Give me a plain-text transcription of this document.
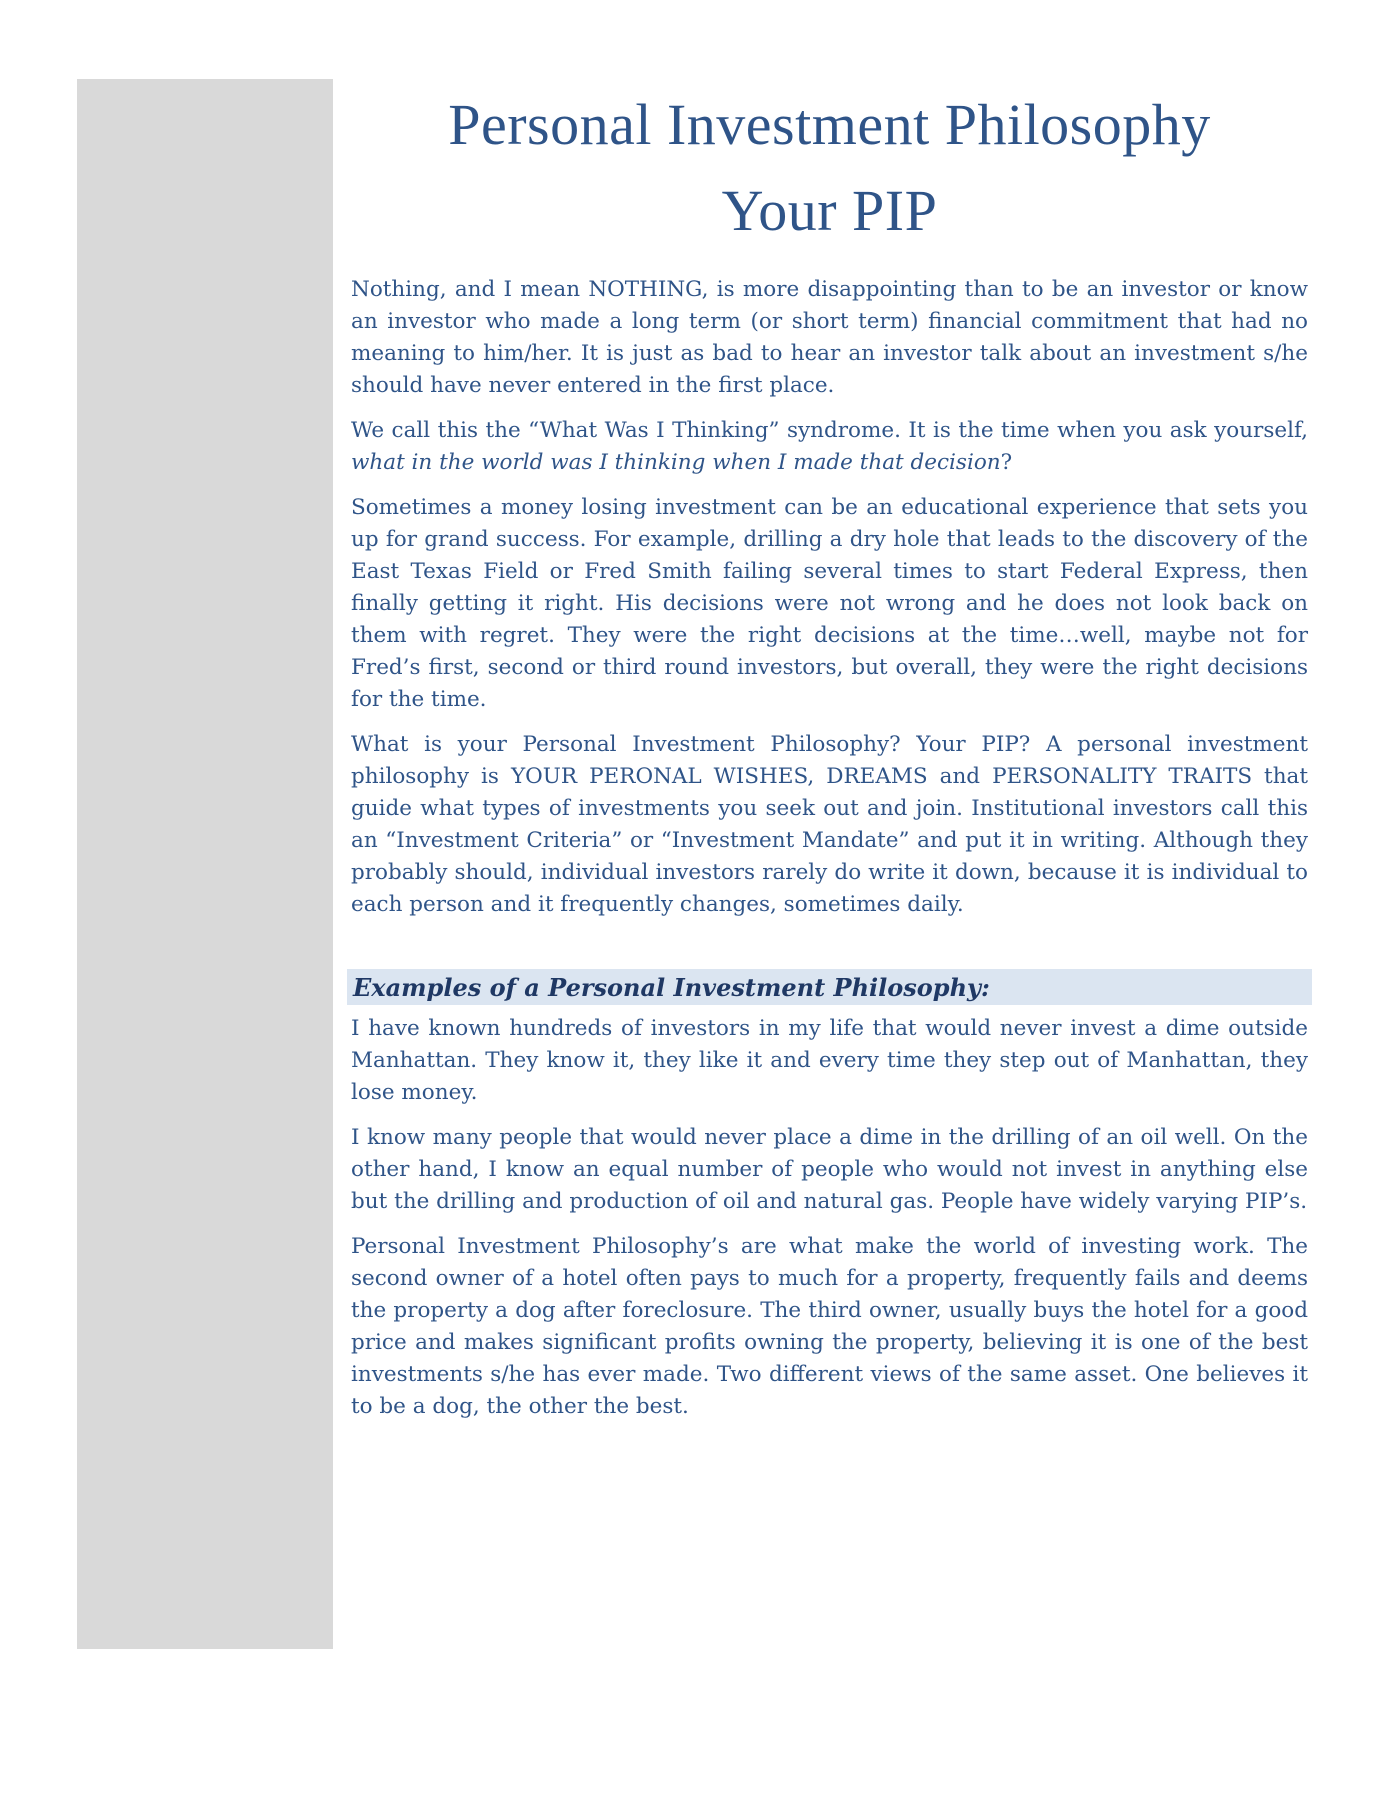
Personal Investment Philosophy
Your PIP

Nothing, and I mean NOTHING, is more disappointing than to be an investor or know an investor who made a long term (or short term) financial commitment that had no meaning to him/her. It is just as bad to hear an investor talk about an investment s/he should have never entered in the first place.

We call this the “What Was I Thinking” syndrome. It is the time when you ask yourself, what in the world was I thinking when I made that decision?

Sometimes a money losing investment can be an educational experience that sets you up for grand success. For example, drilling a dry hole that leads to the discovery of the East Texas Field or Fred Smith failing several times to start Federal Express, then finally getting it right. His decisions were not wrong and he does not look back on them with regret. They were the right decisions at the time…well, maybe not for Fred’s first, second or third round investors, but overall, they were the right decisions for the time.

What is your Personal Investment Philosophy? Your PIP? A personal investment philosophy is YOUR PERONAL WISHES, DREAMS and PERSONALITY TRAITS that guide what types of investments you seek out and join. Institutional investors call this an “Investment Criteria” or “Investment Mandate” and put it in writing. Although they probably should, individual investors rarely do write it down, because it is individual to each person and it frequently changes, sometimes daily.

Examples of a Personal Investment Philosophy:

I have known hundreds of investors in my life that would never invest a dime outside Manhattan. They know it, they like it and every time they step out of Manhattan, they lose money.

I know many people that would never place a dime in the drilling of an oil well. On the other hand, I know an equal number of people who would not invest in anything else but the drilling and production of oil and natural gas. People have widely varying PIP’s.

Personal Investment Philosophy’s are what make the world of investing work. The second owner of a hotel often pays to much for a property, frequently fails and deems the property a dog after foreclosure. The third owner, usually buys the hotel for a good price and makes significant profits owning the property, believing it is one of the best investments s/he has ever made. Two different views of the same asset. One believes it to be a dog, the other the best.
